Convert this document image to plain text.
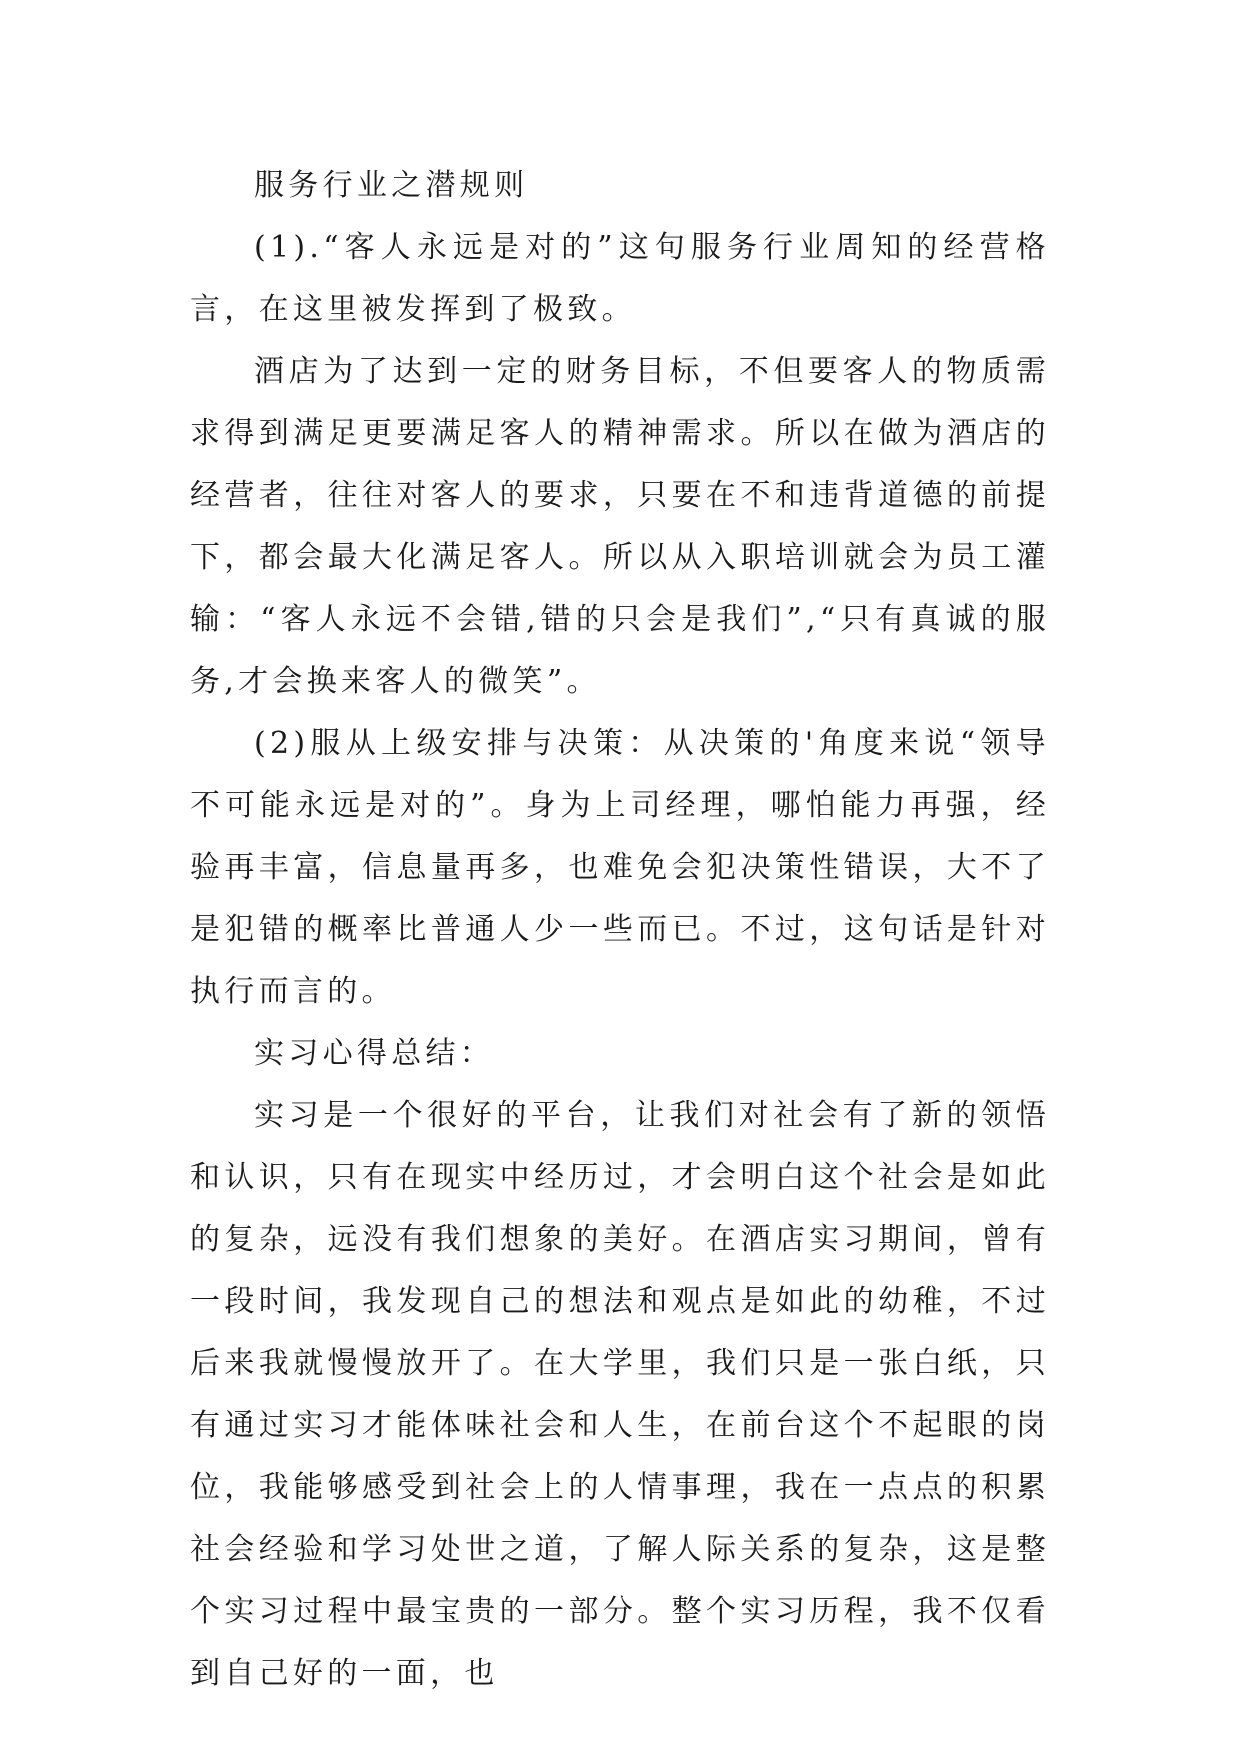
服务行业之潜规则

(1).“客人永远是对的”这句服务行业周知的经营格言，在这里被发挥到了极致。

酒店为了达到一定的财务目标，不但要客人的物质需求得到满足更要满足客人的精神需求。所以在做为酒店的经营者，往往对客人的要求，只要在不和违背道德的前提下，都会最大化满足客人。所以从入职培训就会为员工灌输：“客人永远不会错,错的只会是我们”,“只有真诚的服务,才会换来客人的微笑”。

(2)服从上级安排与决策：从决策的'角度来说“领导不可能永远是对的”。身为上司经理，哪怕能力再强，经验再丰富，信息量再多，也难免会犯决策性错误，大不了是犯错的概率比普通人少一些而已。不过，这句话是针对执行而言的。

实习心得总结：

实习是一个很好的平台，让我们对社会有了新的领悟和认识，只有在现实中经历过，才会明白这个社会是如此的复杂，远没有我们想象的美好。在酒店实习期间，曾有一段时间，我发现自己的想法和观点是如此的幼稚，不过后来我就慢慢放开了。在大学里，我们只是一张白纸，只有通过实习才能体味社会和人生，在前台这个不起眼的岗位，我能够感受到社会上的人情事理，我在一点点的积累社会经验和学习处世之道，了解人际关系的复杂，这是整个实习过程中最宝贵的一部分。整个实习历程，我不仅看到自己好的一面，也
